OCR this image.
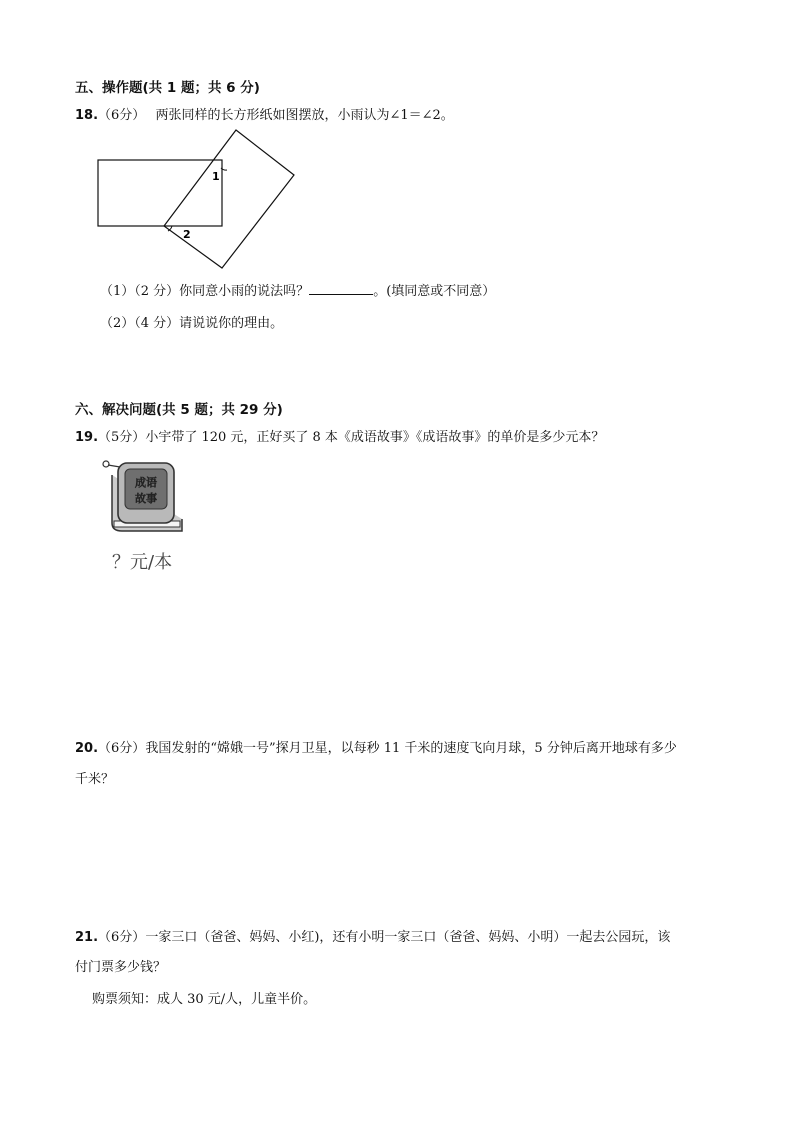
五、操作题(共 1 题；共 6 分)
18.（6分） 两张同样的长方形纸如图摆放，小雨认为∠1＝∠2。
1
2
（1）（2 分）你同意小雨的说法吗？	。(填同意或不同意）
（2）（4 分）请说说你的理由。
六、解决问题(共 5 题；共 29 分)
19.（5分）小宇带了 120 元，正好买了 8 本《成语故事》《成语故事》的单价是多少元本？
成语
故事
？元/本
20.（6分）我国发射的“嫦娥一号”探月卫星，以每秒 11 千米的速度飞向月球，5 分钟后离开地球有多少
千米？
21.（6分）一家三口（爸爸、妈妈、小红)，还有小明一家三口（爸爸、妈妈、小明）一起去公园玩，该
付门票多少钱？
购票须知：成人 30 元/人，儿童半价。
